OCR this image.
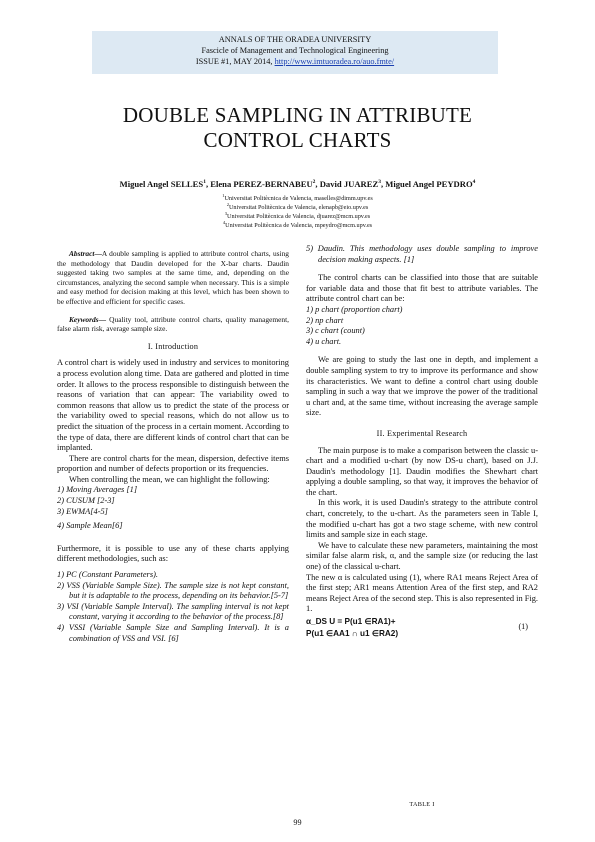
ANNALS OF THE ORADEA UNIVERSITY
Fascicle of Management and Technological Engineering
ISSUE #1, MAY 2014, http://www.imtuoradea.ro/auo.fmte/
DOUBLE SAMPLING IN ATTRIBUTE
CONTROL CHARTS
Miguel Angel SELLES$^1$, Elena PEREZ-BERNABEU$^2$, David JUAREZ$^3$, Miguel Angel PEYDRO$^4$
$^1$Universitat Politècnica de Valencia, maselles@dimm.upv.es
$^2$Universitat Politècnica de Valencia, elenapb@eio.upv.es
$^3$Universitat Politècnica de Valencia, djuarez@mcm.upv.es
$^4$Universitat Politècnica de Valencia, mpeydro@mcm.upv.es

Abstract—A double sampling is applied to attribute control charts, using the methodology that Daudin developed for the X-bar charts. Daudin suggested taking two samples at the same time, and, depending on the circumstances, analyzing the second sample when necessary. This is a simple and easy method for decision making at this level, which has been shown to be effective and efficient for specific cases.

Keywords— Quality tool, attribute control charts, quality management, false alarm risk, average sample size.

I. Introduction

A control chart is widely used in industry and services to monitoring a process evolution along time. Data are gathered and plotted in time order. It allows to the process responsible to distinguish between the reasons of variation that can appear: The variability owed to common reasons that allow us to predict the state of the process or the variability owed to special reasons, which do not allow us to predict the situation of the process in a certain moment. According to the type of data, there are different kinds of control chart that can be implanted.

There are control charts for the mean, dispersion, defective items proportion and number of defects proportion or its frequencies.

When controlling the mean, we can highlight the following:

1) Moving Averages [1]
2) CUSUM [2-3]
3) EWMA[4-5]
4) Sample Mean[6]

Furthermore, it is possible to use any of these charts applying different methodologies, such as:

1) PC (Constant Parameters).
2) VSS (Variable Sample Size). The sample size is not kept constant, but it is adaptable to the process, depending on its behavior.[5-7]
3) VSI (Variable Sample Interval). The sampling interval is not kept constant, varying it according to the behavior of the process.[8]
4) VSSI (Variable Sample Size and Sampling Interval). It is a combination of VSS and VSI. [6]
5) Daudin. This methodology uses double sampling to improve decision making aspects. [1]

The control charts can be classified into those that are suitable for variable data and those that fit best to attribute variables. The attribute control chart can be:

1) p chart (proportion chart)
2) np chart
3) c chart (count)
4) u chart.

We are going to study the last one in depth, and implement a double sampling system to try to improve its performance and show its characteristics. We want to define a control chart using double sampling in such a way that we improve the power of the traditional u chart and, at the same time, without increasing the average sample size.

II. Experimental Research

The main purpose is to make a comparison between the classic u-chart and a modified u-chart (by now DS-u chart), based on J.J. Daudin's methodology [1]. Daudin modifies the Shewhart chart applying a double sampling, so that way, it improves the behavior of the chart.

In this work, it is used Daudin's strategy to the attribute control chart, concretely, to the u-chart. As the parameters seen in Table I, the modified u-chart has got a two stage scheme, with new control limits and sample size in each stage.

We have to calculate these new parameters, maintaining the most similar false alarm risk, α, and the sample size (or reducing the last one) of the classical u-chart.

The new α is calculated using (1), where RA1 means Reject Area of the first step; AR1 means Attention Area of the first step, and RA2 means Reject Area of the second step. This is also represented in Fig. 1.

α_DS U = P(u1 ∈RA1)+
P(u1 ∈AA1 ∩ u1 ∈RA2)
(1)
TABLE I
99
